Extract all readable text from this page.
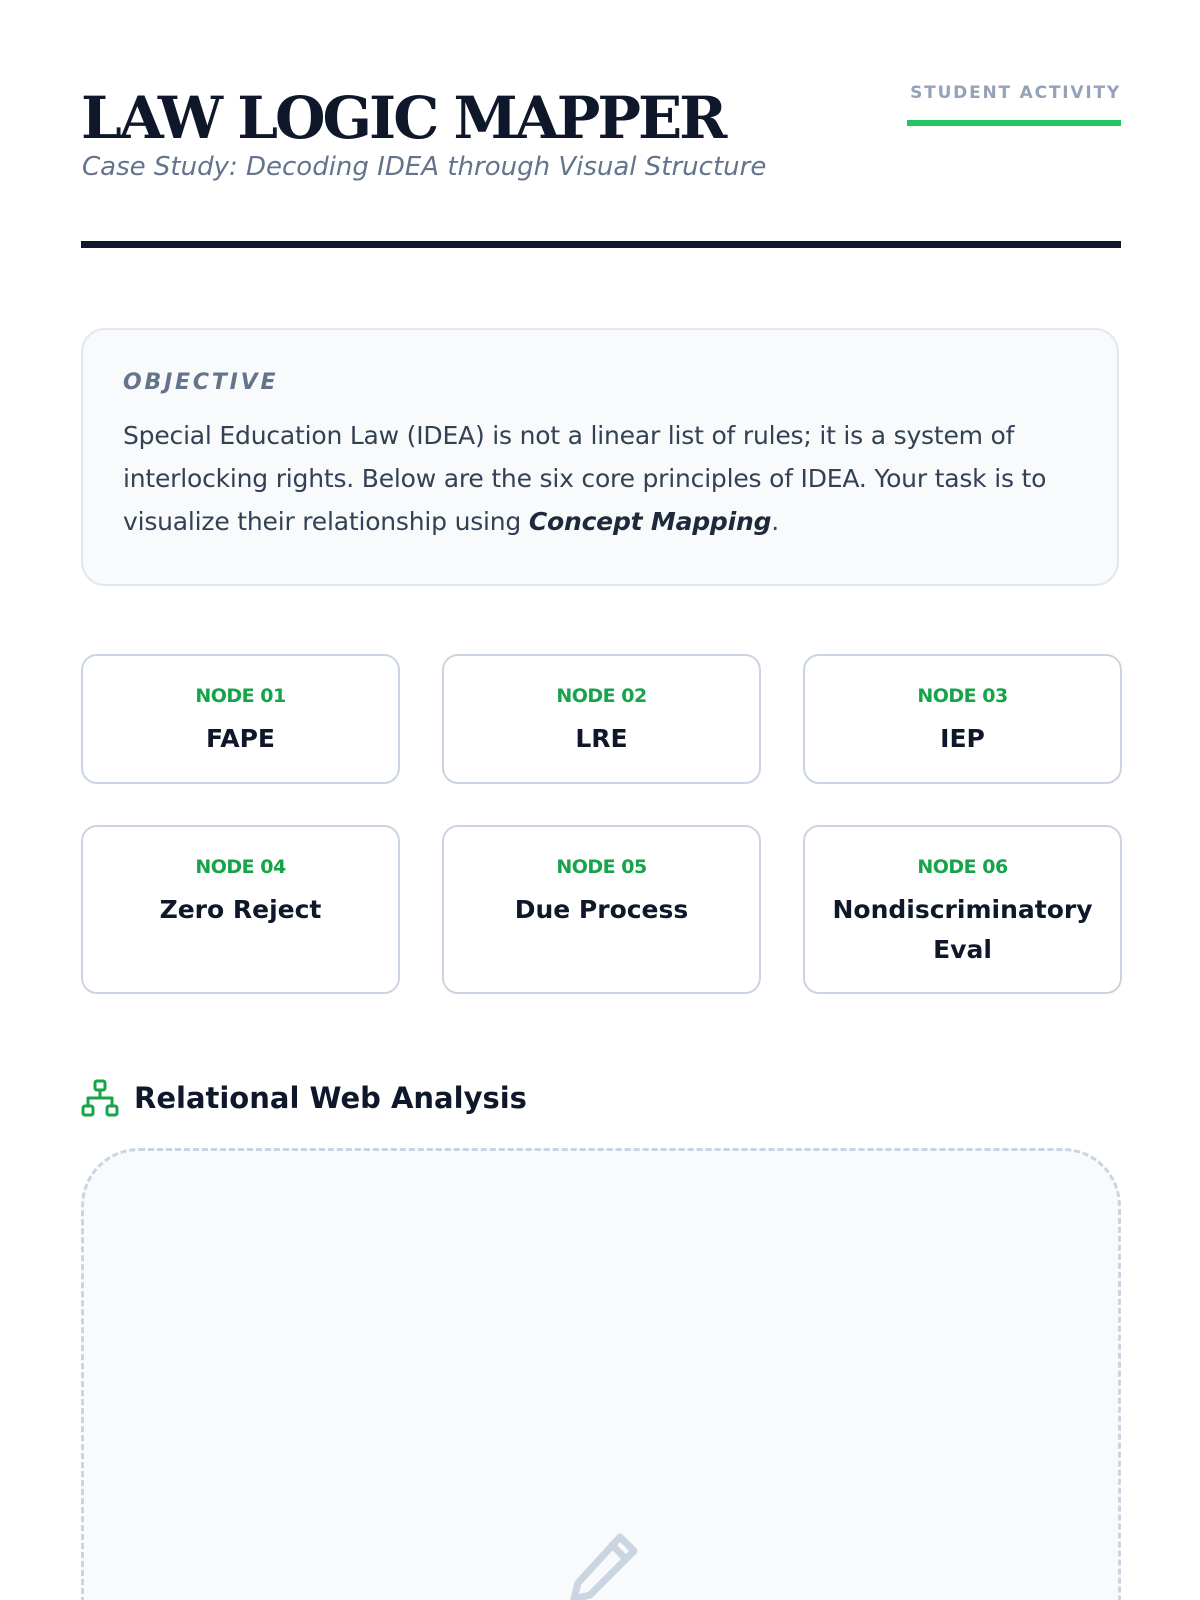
LAW LOGIC MAPPER
Case Study: Decoding IDEA through Visual Structure
STUDENT ACTIVITY
OBJECTIVE

Special Education Law (IDEA) is not a linear list of rules; it is a system of interlocking rights. Below are the six core principles of IDEA. Your task is to visualize their relationship using Concept Mapping.

NODE 01
FAPE
NODE 02
LRE
NODE 03
IEP
NODE 04
Zero Reject
NODE 05
Due Process
NODE 06
Nondiscriminatory Eval
Relational Web Analysis
